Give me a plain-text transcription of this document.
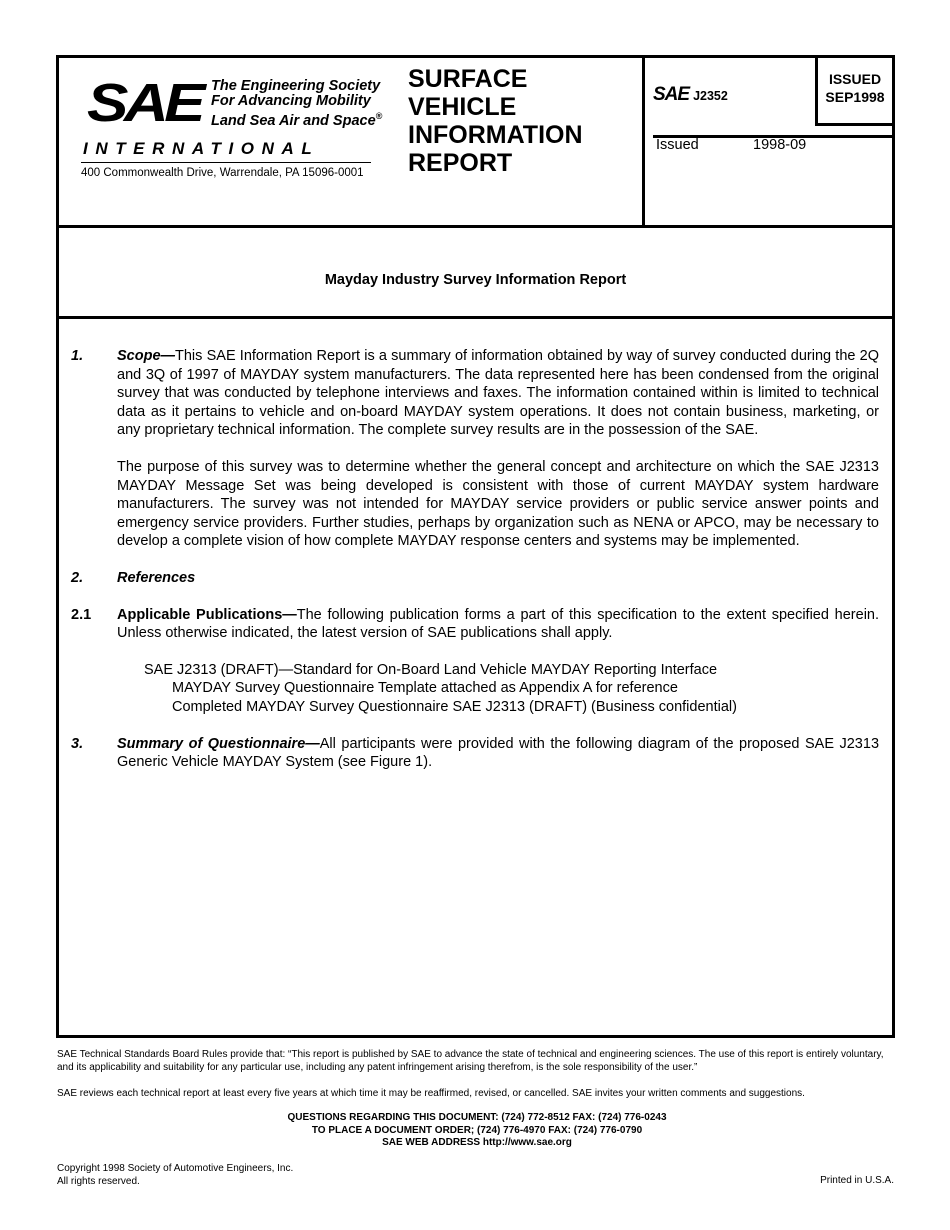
SAE The Engineering Society
For Advancing Mobility
Land Sea Air and Space®
INTERNATIONAL
400 Commonwealth Drive, Warrendale, PA 15096-0001
SURFACE
VEHICLE
INFORMATION
REPORT
SAE J2352
ISSUED
SEP1998
Issued	1998-09
Mayday Industry Survey Information Report

1. Scope—This SAE Information Report is a summary of information obtained by way of survey conducted during the 2Q and 3Q of 1997 of MAYDAY system manufacturers. The data represented here has been condensed from the original survey that was conducted by telephone interviews and faxes. The information contained within is limited to technical data as it pertains to vehicle and on-board MAYDAY system operations. It does not contain business, marketing, or any proprietary technical information. The complete survey results are in the possession of the SAE.

The purpose of this survey was to determine whether the general concept and architecture on which the SAE J2313 MAYDAY Message Set was being developed is consistent with those of current MAYDAY system hardware manufacturers. The survey was not intended for MAYDAY service providers or public service answer points and emergency service providers. Further studies, perhaps by organization such as NENA or APCO, may be necessary to develop a complete vision of how complete MAYDAY response centers and systems may be implemented.

2. References

2.1 Applicable Publications—The following publication forms a part of this specification to the extent specified herein. Unless otherwise indicated, the latest version of SAE publications shall apply.

SAE J2313 (DRAFT)—Standard for On-Board Land Vehicle MAYDAY Reporting Interface
MAYDAY Survey Questionnaire Template attached as Appendix A for reference
Completed MAYDAY Survey Questionnaire SAE J2313 (DRAFT) (Business confidential)

3. Summary of Questionnaire—All participants were provided with the following diagram of the proposed SAE J2313 Generic Vehicle MAYDAY System (see Figure 1).

SAE Technical Standards Board Rules provide that: “This report is published by SAE to advance the state of technical and engineering sciences. The use of this report is entirely voluntary, and its applicability and suitability for any particular use, including any patent infringement arising therefrom, is the sole responsibility of the user.”
SAE reviews each technical report at least every five years at which time it may be reaffirmed, revised, or cancelled. SAE invites your written comments and suggestions.
QUESTIONS REGARDING THIS DOCUMENT: (724) 772-8512 FAX: (724) 776-0243
TO PLACE A DOCUMENT ORDER; (724) 776-4970 FAX: (724) 776-0790
SAE WEB ADDRESS http://www.sae.org
Copyright 1998 Society of Automotive Engineers, Inc.
All rights reserved.	Printed in U.S.A.
